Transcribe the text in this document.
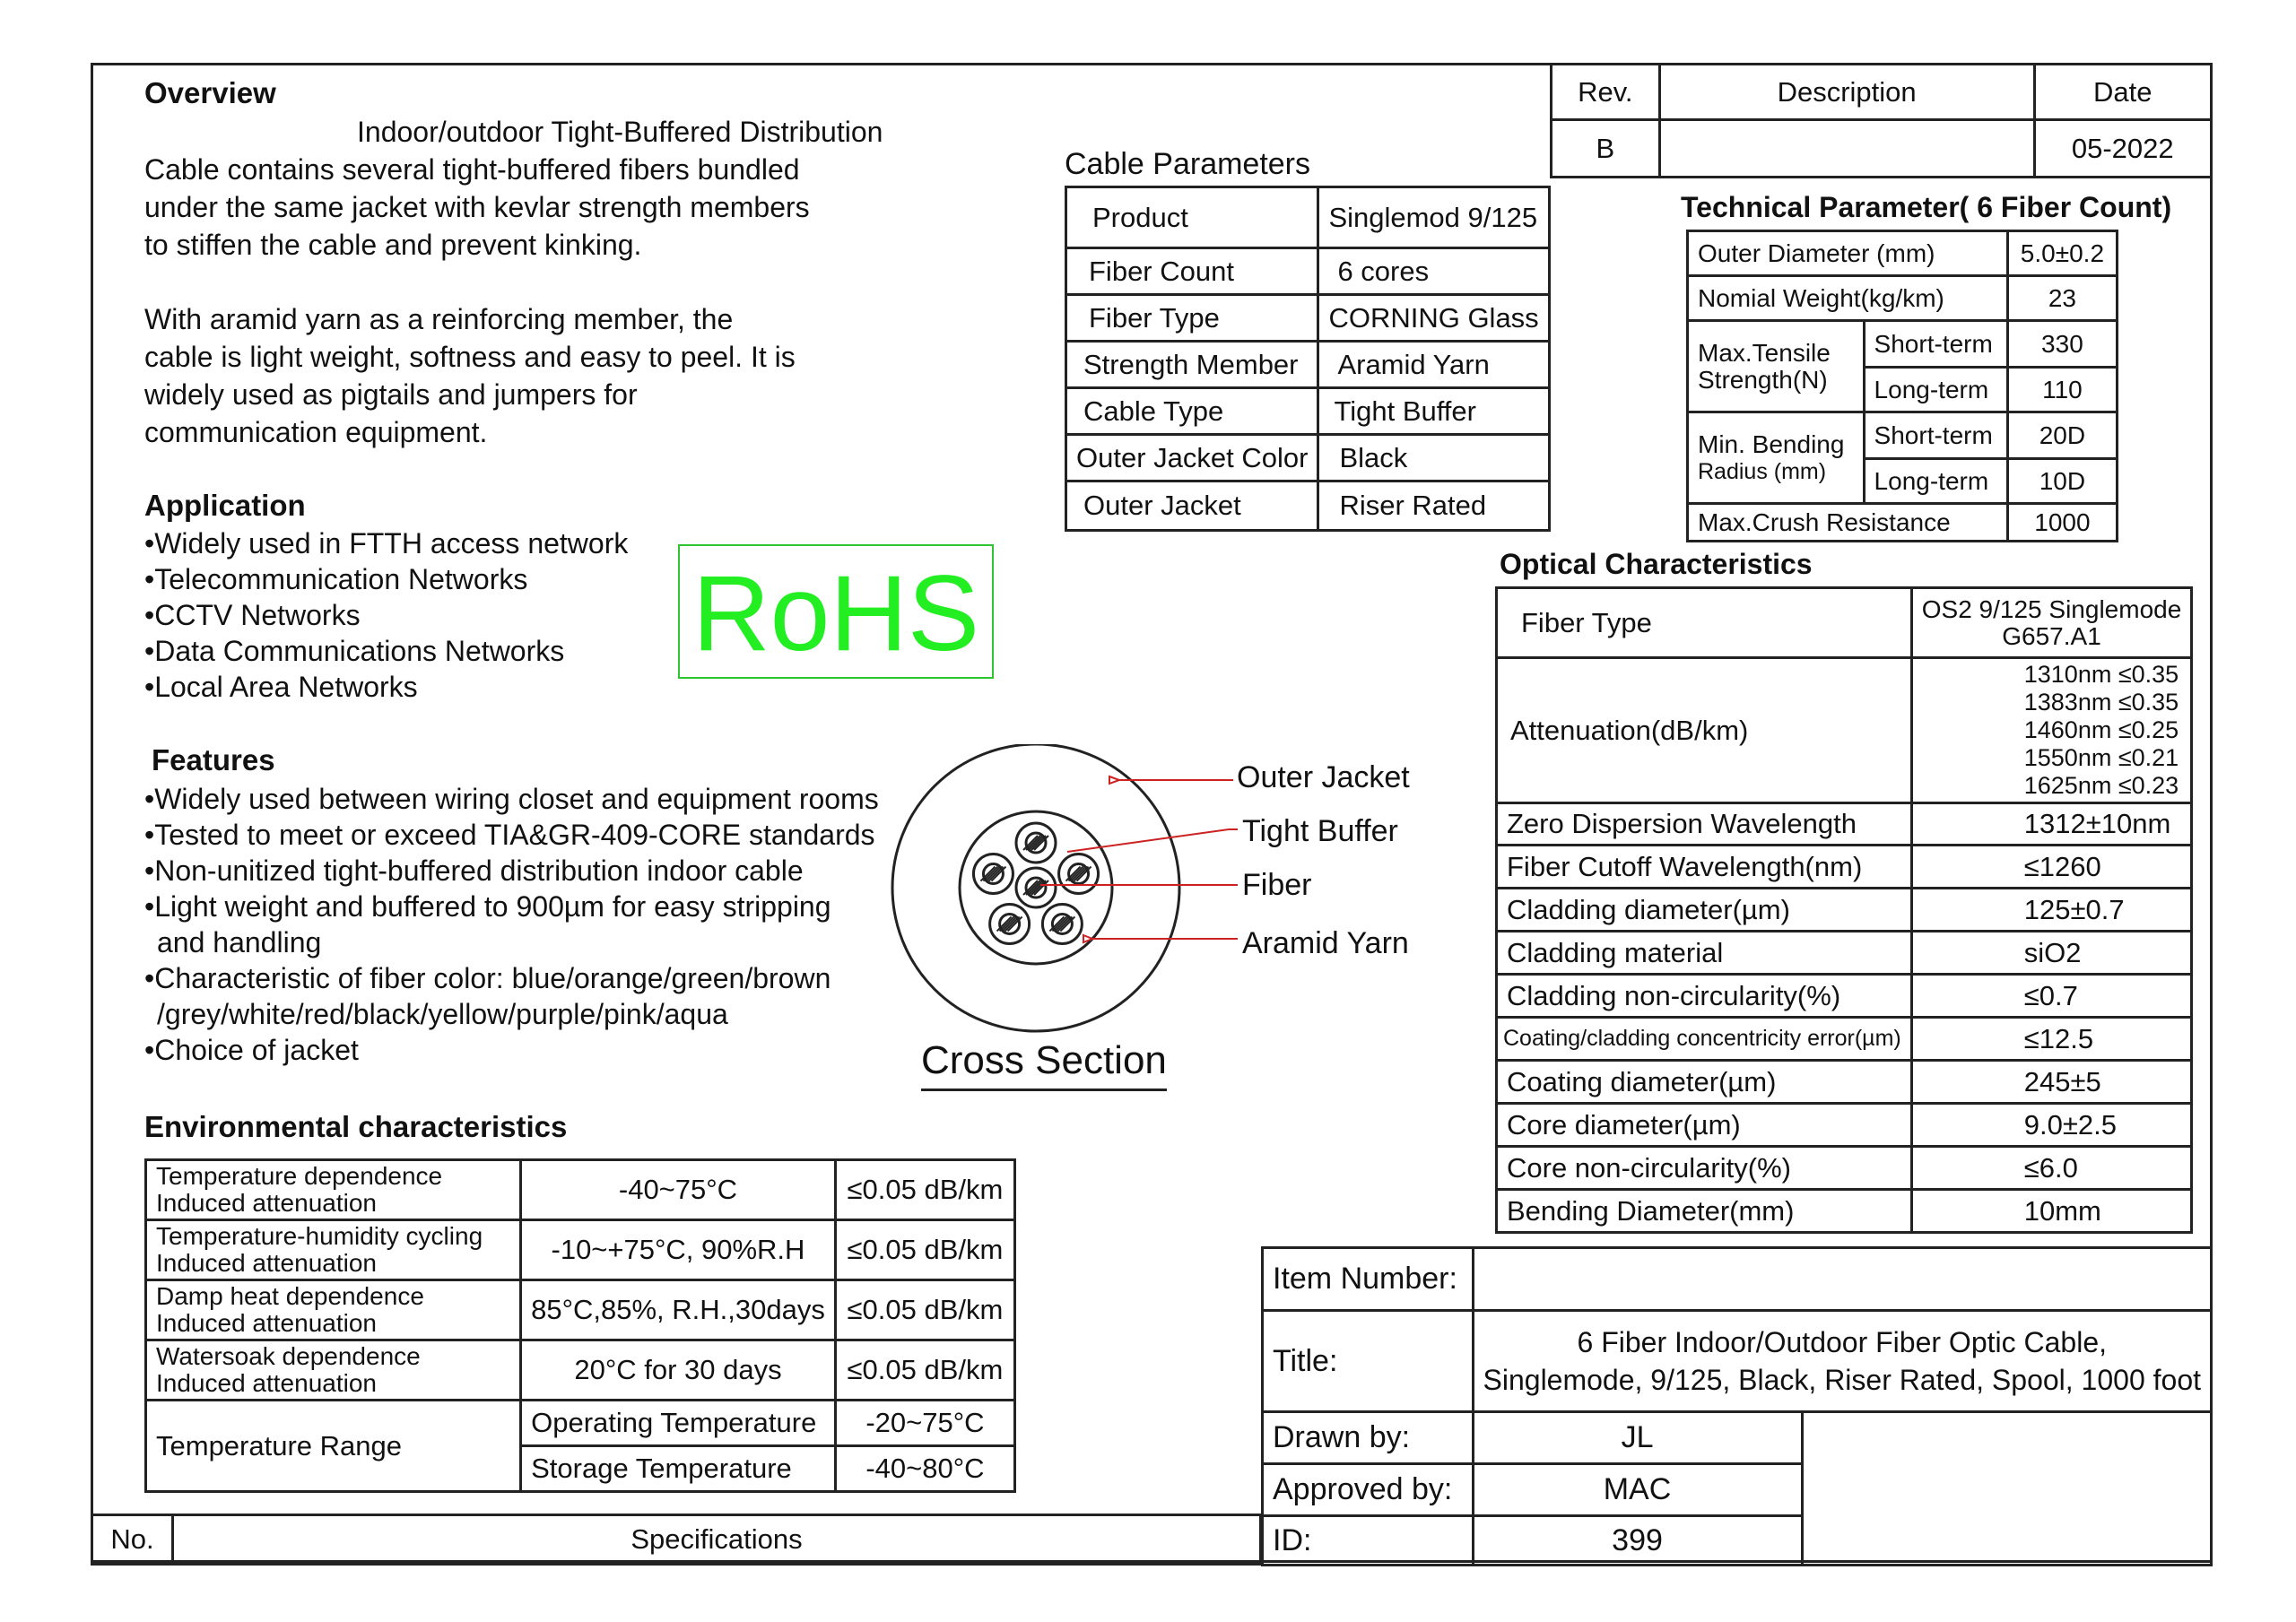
Overview
Indoor/outdoor Tight-Buffered Distribution
Cable contains several tight-buffered fibers bundled
under the same jacket with kevlar strength members
to stiffen the cable and prevent kinking.
With aramid yarn as a reinforcing member, the
cable is light weight, softness and easy to peel. It is
widely used as pigtails and jumpers for
communication equipment.
Application
•Widely used in FTTH access network
•Telecommunication Networks
•CCTV Networks
•Data Communications Networks
•Local Area Networks
RoHS
Features
•Widely used between wiring closet and equipment rooms
•Tested to meet or exceed TIA&GR-409-CORE standards
•Non-unitized tight-buffered distribution indoor cable
•Light weight and buffered to 900µm for easy stripping
and handling
•Characteristic of fiber color: blue/orange/green/brown
/grey/white/red/black/yellow/purple/pink/aqua
•Choice of jacket
Outer Jacket
Tight Buffer
Fiber
Aramid Yarn
Cross Section
Environmental characteristics
Temperature dependence
Induced attenuation	-40~75°C	≤0.05 dB/km

Temperature-humidity cycling
Induced attenuation	-10~+75°C, 90%R.H	≤0.05 dB/km

Damp heat dependence
Induced attenuation	85°C,85%, R.H.,30days	≤0.05 dB/km

Watersoak dependence
Induced attenuation	20°C for 30 days	≤0.05 dB/km
Temperature Range	Operating Temperature	-20~75°C
	Storage Temperature	-40~80°C
No.	Specifications
Rev.	Description	Date
B		05-2022
Cable Parameters
Product	Singlemod 9/125
Fiber Count	6 cores
Fiber Type	CORNING Glass
Strength Member	Aramid Yarn
Cable Type	Tight Buffer
Outer Jacket Color	Black
Outer Jacket	Riser Rated
Technical Parameter( 6 Fiber Count)
Outer Diameter (mm)		5.0±0.2
Nomial Weight(kg/km)		23

Max.Tensile
Strength(N)	Short-term	330
	Long-term	110

Min. Bending
Radius (mm)	Short-term	20D
	Long-term	10D
Max.Crush Resistance		1000
Optical Characteristics
Fiber Type	OS2 9/125 Singlemode
G657.A1

Attenuation(dB/km)	1310nm ≤0.35
1383nm ≤0.35
1460nm ≤0.25
1550nm ≤0.21
1625nm ≤0.23

Zero Dispersion Wavelength	1312±10nm
Fiber Cutoff Wavelength(nm)	≤1260
Cladding diameter(µm)	125±0.7
Cladding material	siO2
Cladding non-circularity(%)	≤0.7
Coating/cladding concentricity error(µm)	≤12.5
Coating diameter(µm)	245±5
Core diameter(µm)	9.0±2.5
Core non-circularity(%)	≤6.0
Bending Diameter(mm)	10mm
Item Number:		
Title:	6 Fiber Indoor/Outdoor Fiber Optic Cable,
Singlemode, 9/125, Black, Riser Rated, Spool, 1000 foot	

Drawn by:	JL	
Approved by:	MAC	
ID:	399	
